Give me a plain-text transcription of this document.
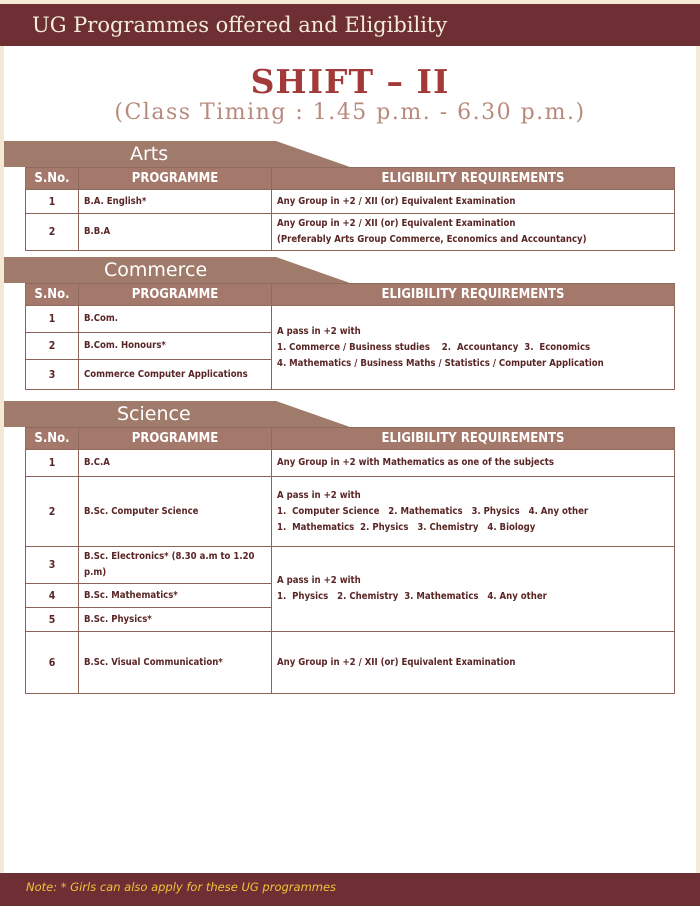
UG Programmes offered and Eligibility
SHIFT – II
(Class Timing : 1.45 p.m. - 6.30 p.m.)
Arts
S.No.	PROGRAMME	ELIGIBILITY REQUIREMENTS
1	B.A. English*	Any Group in +2 / XII (or) Equivalent Examination
2	B.B.A	Any Group in +2 / XII (or) Equivalent Examination
(Preferably Arts Group Commerce, Economics and Accountancy)
Commerce
S.No.	PROGRAMME	ELIGIBILITY REQUIREMENTS
1	B.Com.	A pass in +2 with
1. Commerce / Business studies    2.  Accountancy  3.  Economics
4. Mathematics / Business Maths / Statistics / Computer Application

2	B.Com. Honours*	
3	Commerce Computer Applications	
Science
S.No.	PROGRAMME	ELIGIBILITY REQUIREMENTS
1	B.C.A	Any Group in +2 with Mathematics as one of the subjects
2	B.Sc. Computer Science	A pass in +2 with
1.  Computer Science   2. Mathematics   3. Physics   4. Any other
1.  Mathematics  2. Physics   3. Chemistry   4. Biology

3	B.Sc. Electronics* (8.30 a.m to 1.20 p.m)	A pass in +2 with
1.  Physics   2. Chemistry  3. Mathematics   4. Any other

4	B.Sc. Mathematics*	
5	B.Sc. Physics*	
6	B.Sc. Visual Communication*	Any Group in +2 / XII (or) Equivalent Examination
Note: * Girls can also apply for these UG programmes
